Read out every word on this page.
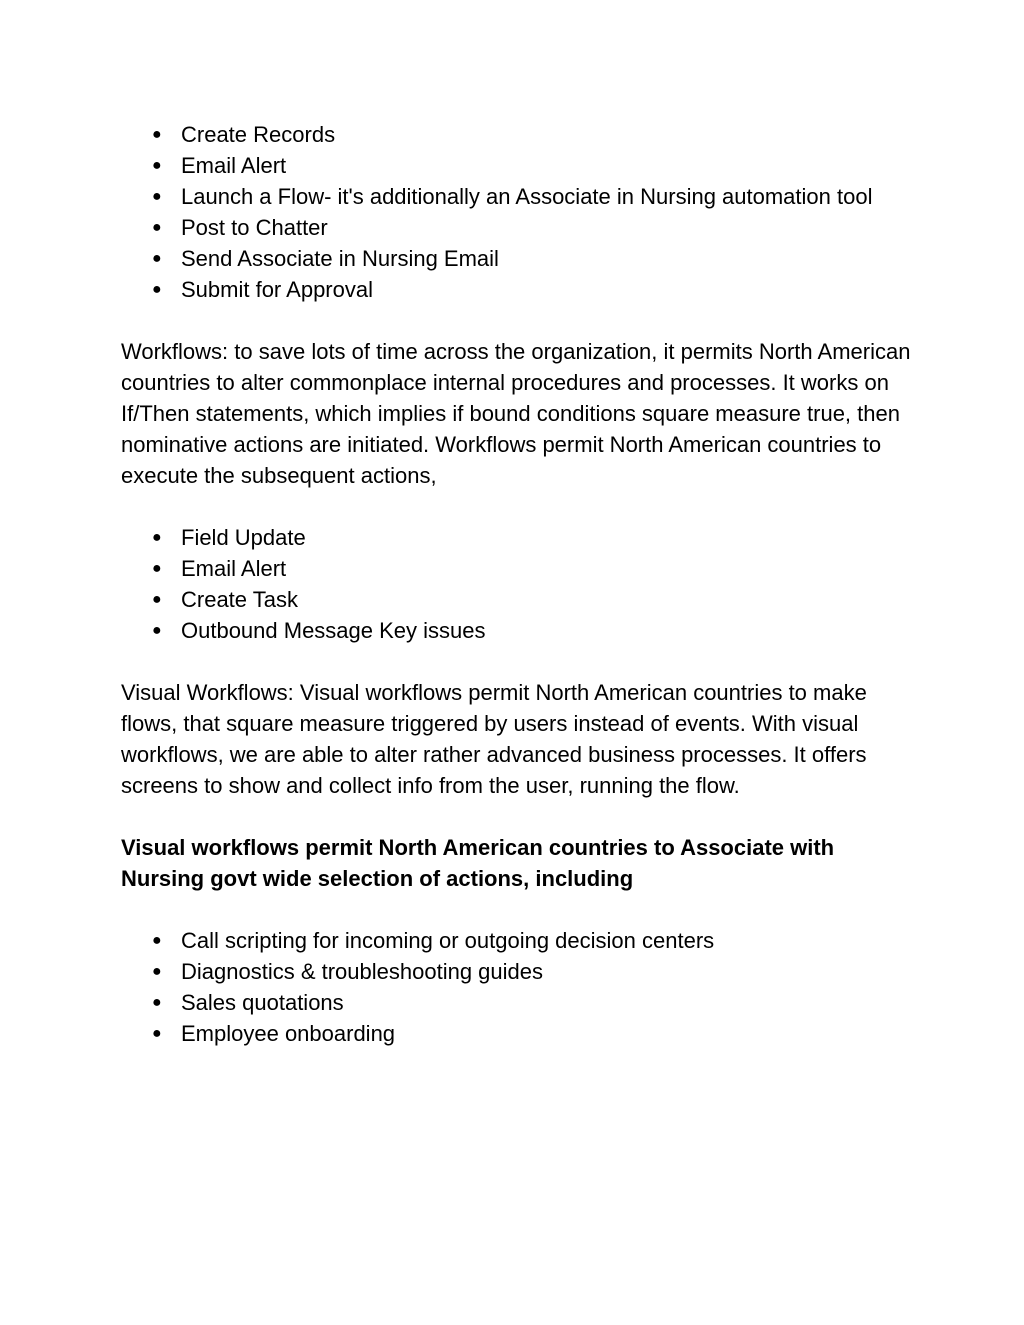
● Create Records
● Email Alert
● Launch a Flow- it's additionally an Associate in Nursing automation tool
● Post to Chatter
● Send Associate in Nursing Email
● Submit for Approval

Workflows: to save lots of time across the organization, it permits North American countries to alter commonplace internal procedures and processes. It works on If/Then statements, which implies if bound conditions square measure true, then nominative actions are initiated. Workflows permit North American countries to execute the subsequent actions,

● Field Update
● Email Alert
● Create Task
● Outbound Message Key issues

Visual Workflows: Visual workflows permit North American countries to make flows, that square measure triggered by users instead of events. With visual workflows, we are able to alter rather advanced business processes. It offers screens to show and collect info from the user, running the flow.

Visual workflows permit North American countries to Associate with Nursing govt wide selection of actions, including

● Call scripting for incoming or outgoing decision centers
● Diagnostics & troubleshooting guides
● Sales quotations
● Employee onboarding
